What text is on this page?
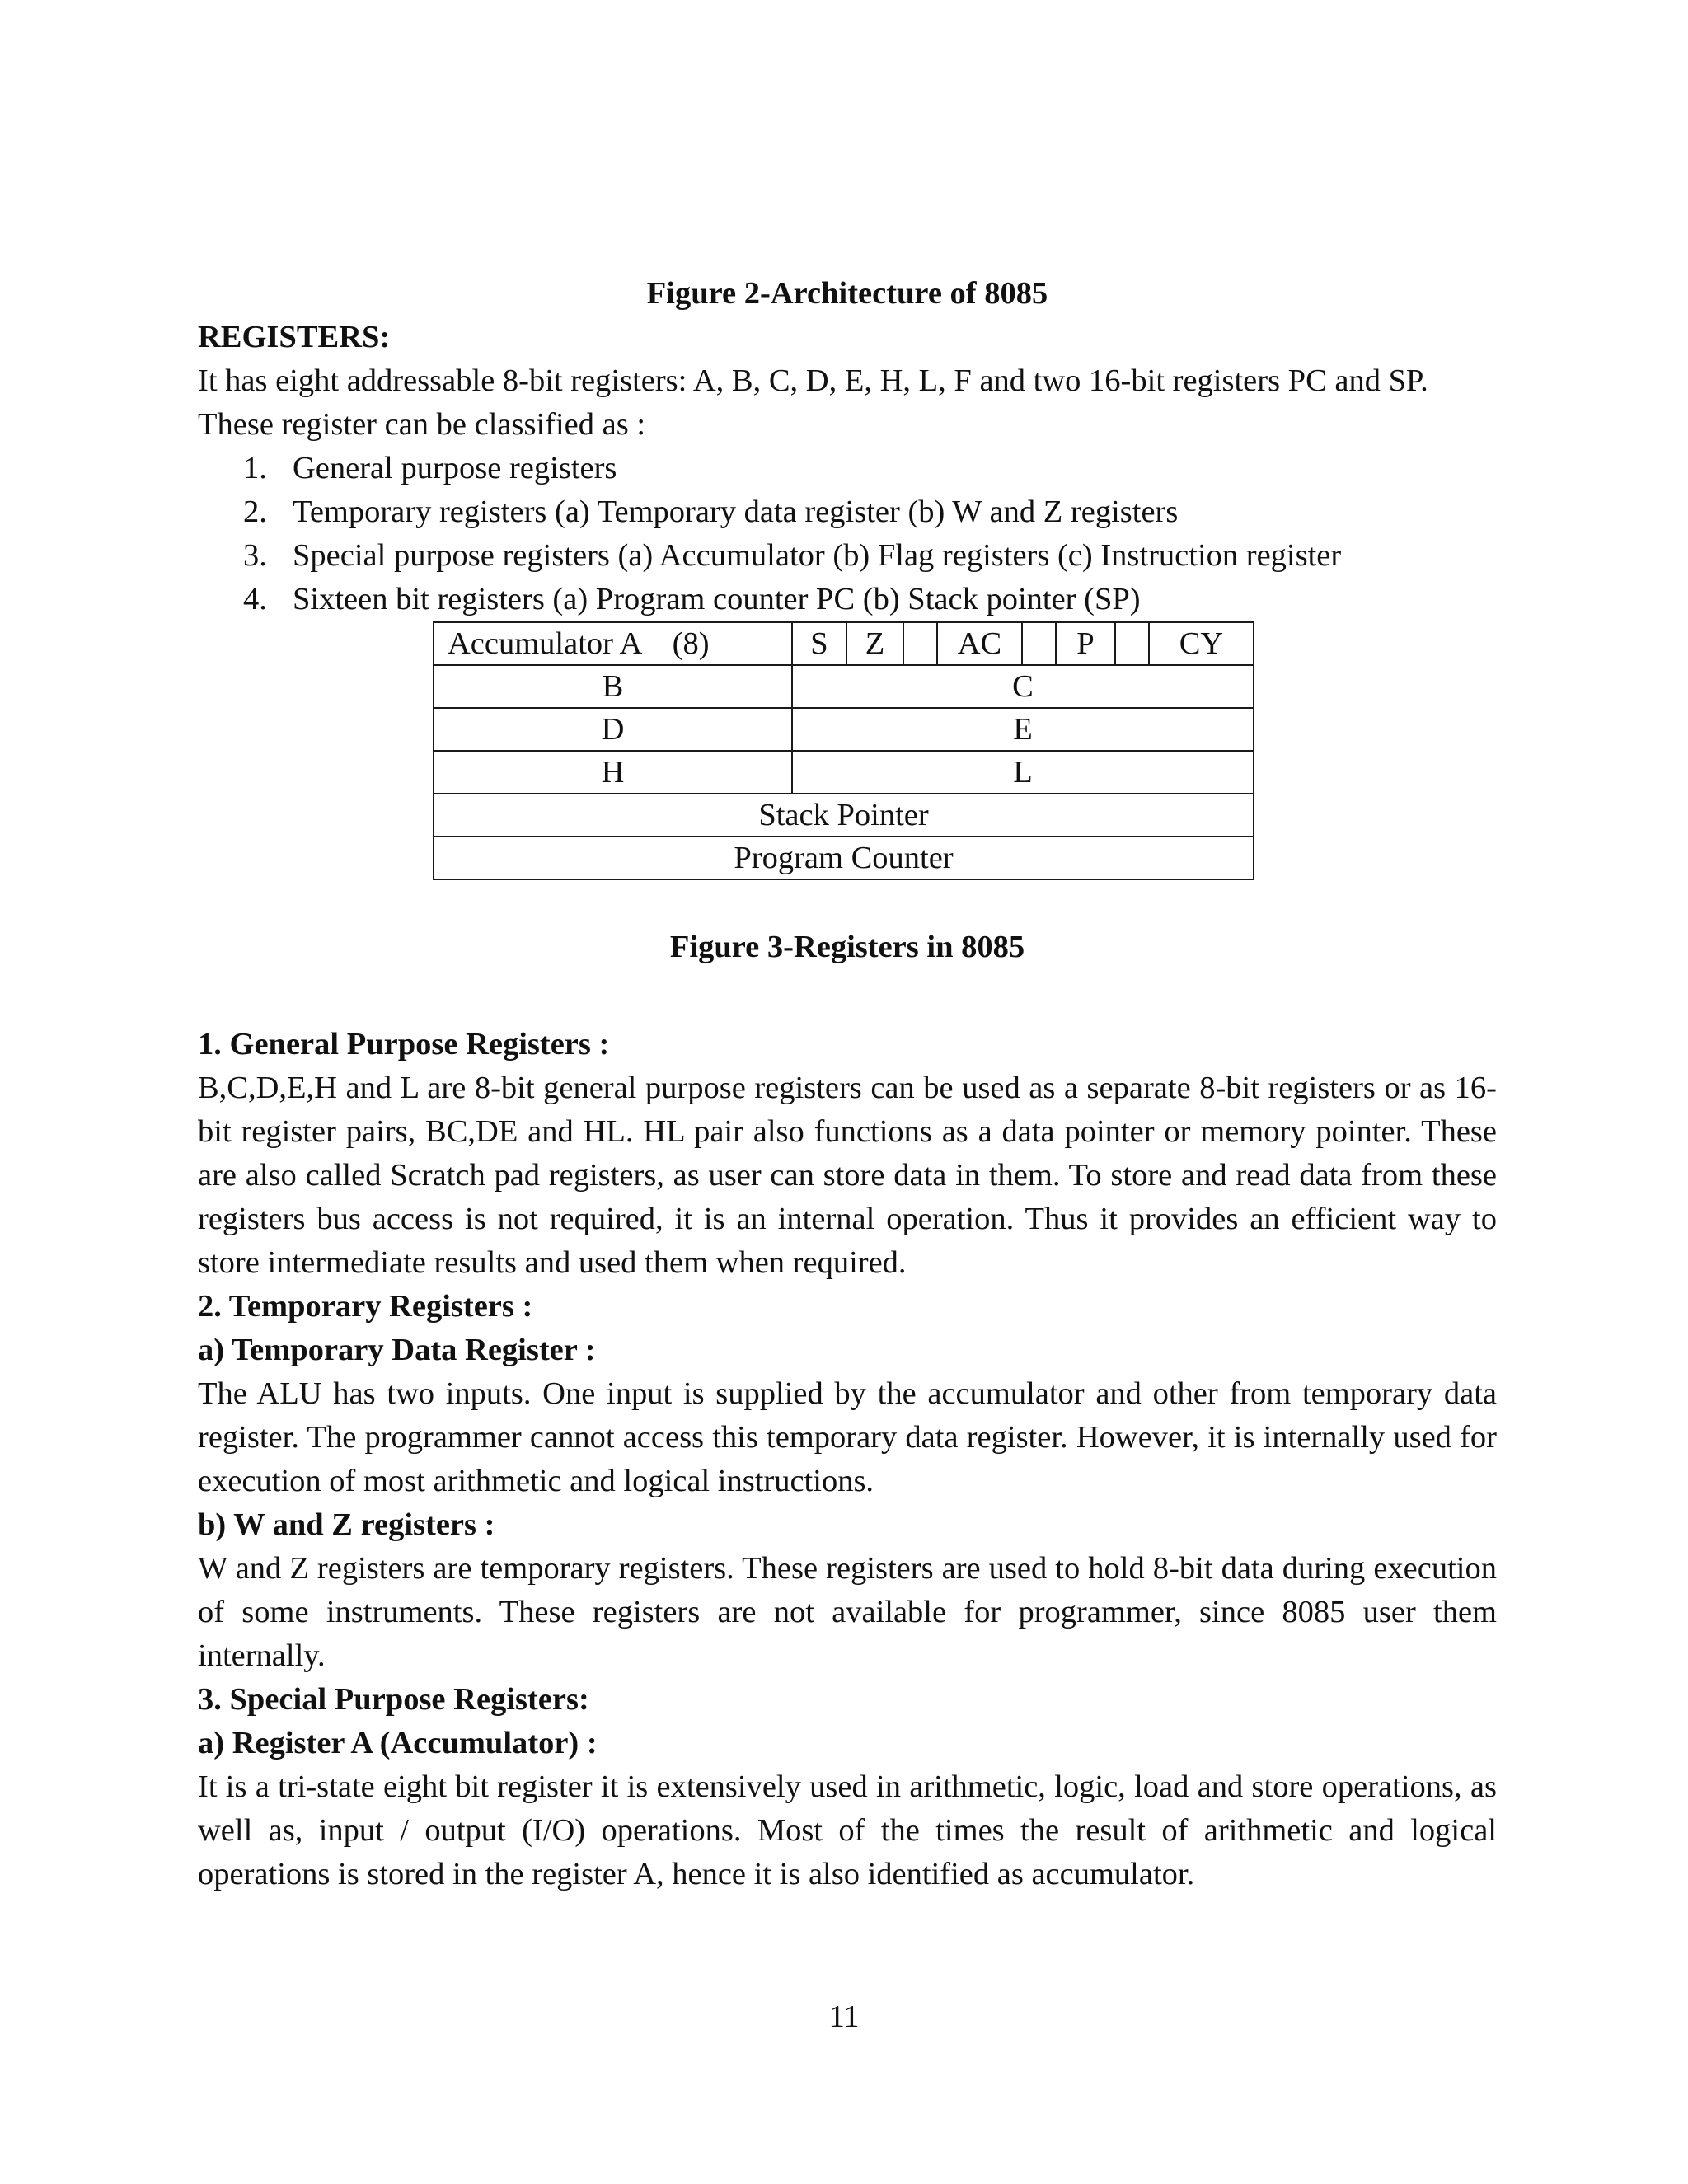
Figure 2-Architecture of 8085

REGISTERS:

It has eight addressable 8-bit registers: A, B, C, D, E, H, L, F and two 16-bit registers PC and SP.

These register can be classified as :

1. General purpose registers
2. Temporary registers (a) Temporary data register (b) W and Z registers
3. Special purpose registers (a) Accumulator (b) Flag registers (c) Instruction register
4. Sixteen bit registers (a) Program counter PC (b) Stack pointer (SP)
Accumulator A    (8)	S	Z		AC		P		CY
B	C							
D	E							
H	L							
Stack Pointer								
Program Counter								

Figure 3-Registers in 8085

1. General Purpose Registers :

B,C,D,E,H and L are 8-bit general purpose registers can be used as a separate 8-bit registers or as 16-bit register pairs, BC,DE and HL. HL pair also functions as a data pointer or memory pointer. These are also called Scratch pad registers, as user can store data in them. To store and read data from these registers bus access is not required, it is an internal operation. Thus it provides an efficient way to store intermediate results and used them when required.

2. Temporary Registers :

a) Temporary Data Register :

The ALU has two inputs. One input is supplied by the accumulator and other from temporary data register. The programmer cannot access this temporary data register. However, it is internally used for execution of most arithmetic and logical instructions.

b) W and Z registers :

W and Z registers are temporary registers. These registers are used to hold 8-bit data during execution of some instruments. These registers are not available for programmer, since 8085 user them internally.

3. Special Purpose Registers:

a) Register A (Accumulator) :

It is a tri-state eight bit register it is extensively used in arithmetic, logic, load and store operations, as well as, input / output (I/O) operations. Most of the times the result of arithmetic and logical operations is stored in the register A, hence it is also identified as accumulator.

11
